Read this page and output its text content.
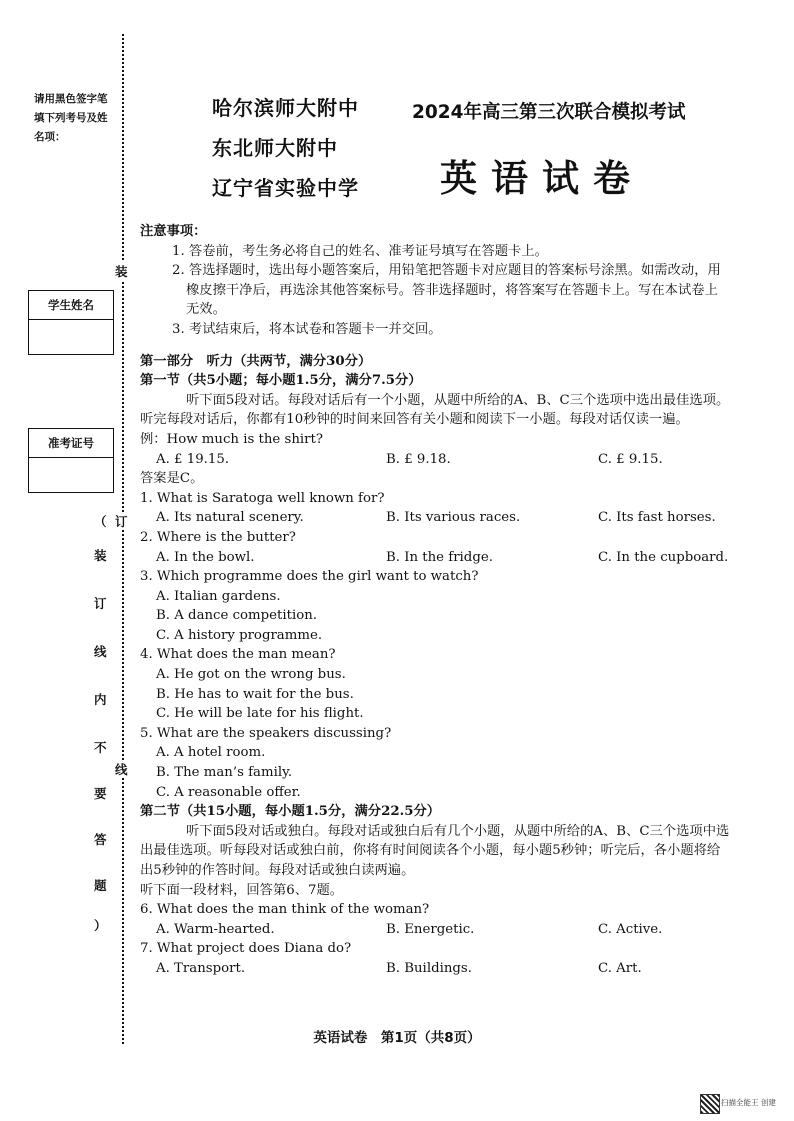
请用黑色签字笔填下列考号及姓名项：
学生姓名
准考证号
装
订
线
（
装
订
线
内
不
要
答
题
）
哈尔滨师大附中
东北师大附中
辽宁省实验中学
2024年高三第三次联合模拟考试
英语试卷
注意事项：
1. 答卷前，考生务必将自己的姓名、准考证号填写在答题卡上。
2. 答选择题时，选出每小题答案后，用铅笔把答题卡对应题目的答案标号涂黑。如需改动，用
橡皮擦干净后，再选涂其他答案标号。答非选择题时，将答案写在答题卡上。写在本试卷上
无效。
3. 考试结束后，将本试卷和答题卡一并交回。
第一部分　听力（共两节，满分30分）
第一节（共5小题；每小题1.5分，满分7.5分）
听下面5段对话。每段对话后有一个小题，从题中所给的A、B、C三个选项中选出最佳选项。
听完每段对话后，你都有10秒钟的时间来回答有关小题和阅读下一小题。每段对话仅读一遍。
例：How much is the shirt?
A. £ 19.15.	B. £ 9.18.	C. £ 9.15.
答案是C。
1. What is Saratoga well known for?
A. Its natural scenery.	B. Its various races.	C. Its fast horses.
2. Where is the butter?
A. In the bowl.	B. In the fridge.	C. In the cupboard.
3. Which programme does the girl want to watch?
A. Italian gardens.
B. A dance competition.
C. A history programme.
4. What does the man mean?
A. He got on the wrong bus.
B. He has to wait for the bus.
C. He will be late for his flight.
5. What are the speakers discussing?
A. A hotel room.
B. The man’s family.
C. A reasonable offer.
第二节（共15小题，每小题1.5分，满分22.5分）
听下面5段对话或独白。每段对话或独白后有几个小题，从题中所给的A、B、C三个选项中选
出最佳选项。听每段对话或独白前，你将有时间阅读各个小题，每小题5秒钟；听完后，各小题将给
出5秒钟的作答时间。每段对话或独白读两遍。
听下面一段材料，回答第6、7题。
6. What does the man think of the woman?
A. Warm-hearted.	B. Energetic.	C. Active.
7. What project does Diana do?
A. Transport.	B. Buildings.	C. Art.
英语试卷　第1页（共8页）
扫描全能王 创建
